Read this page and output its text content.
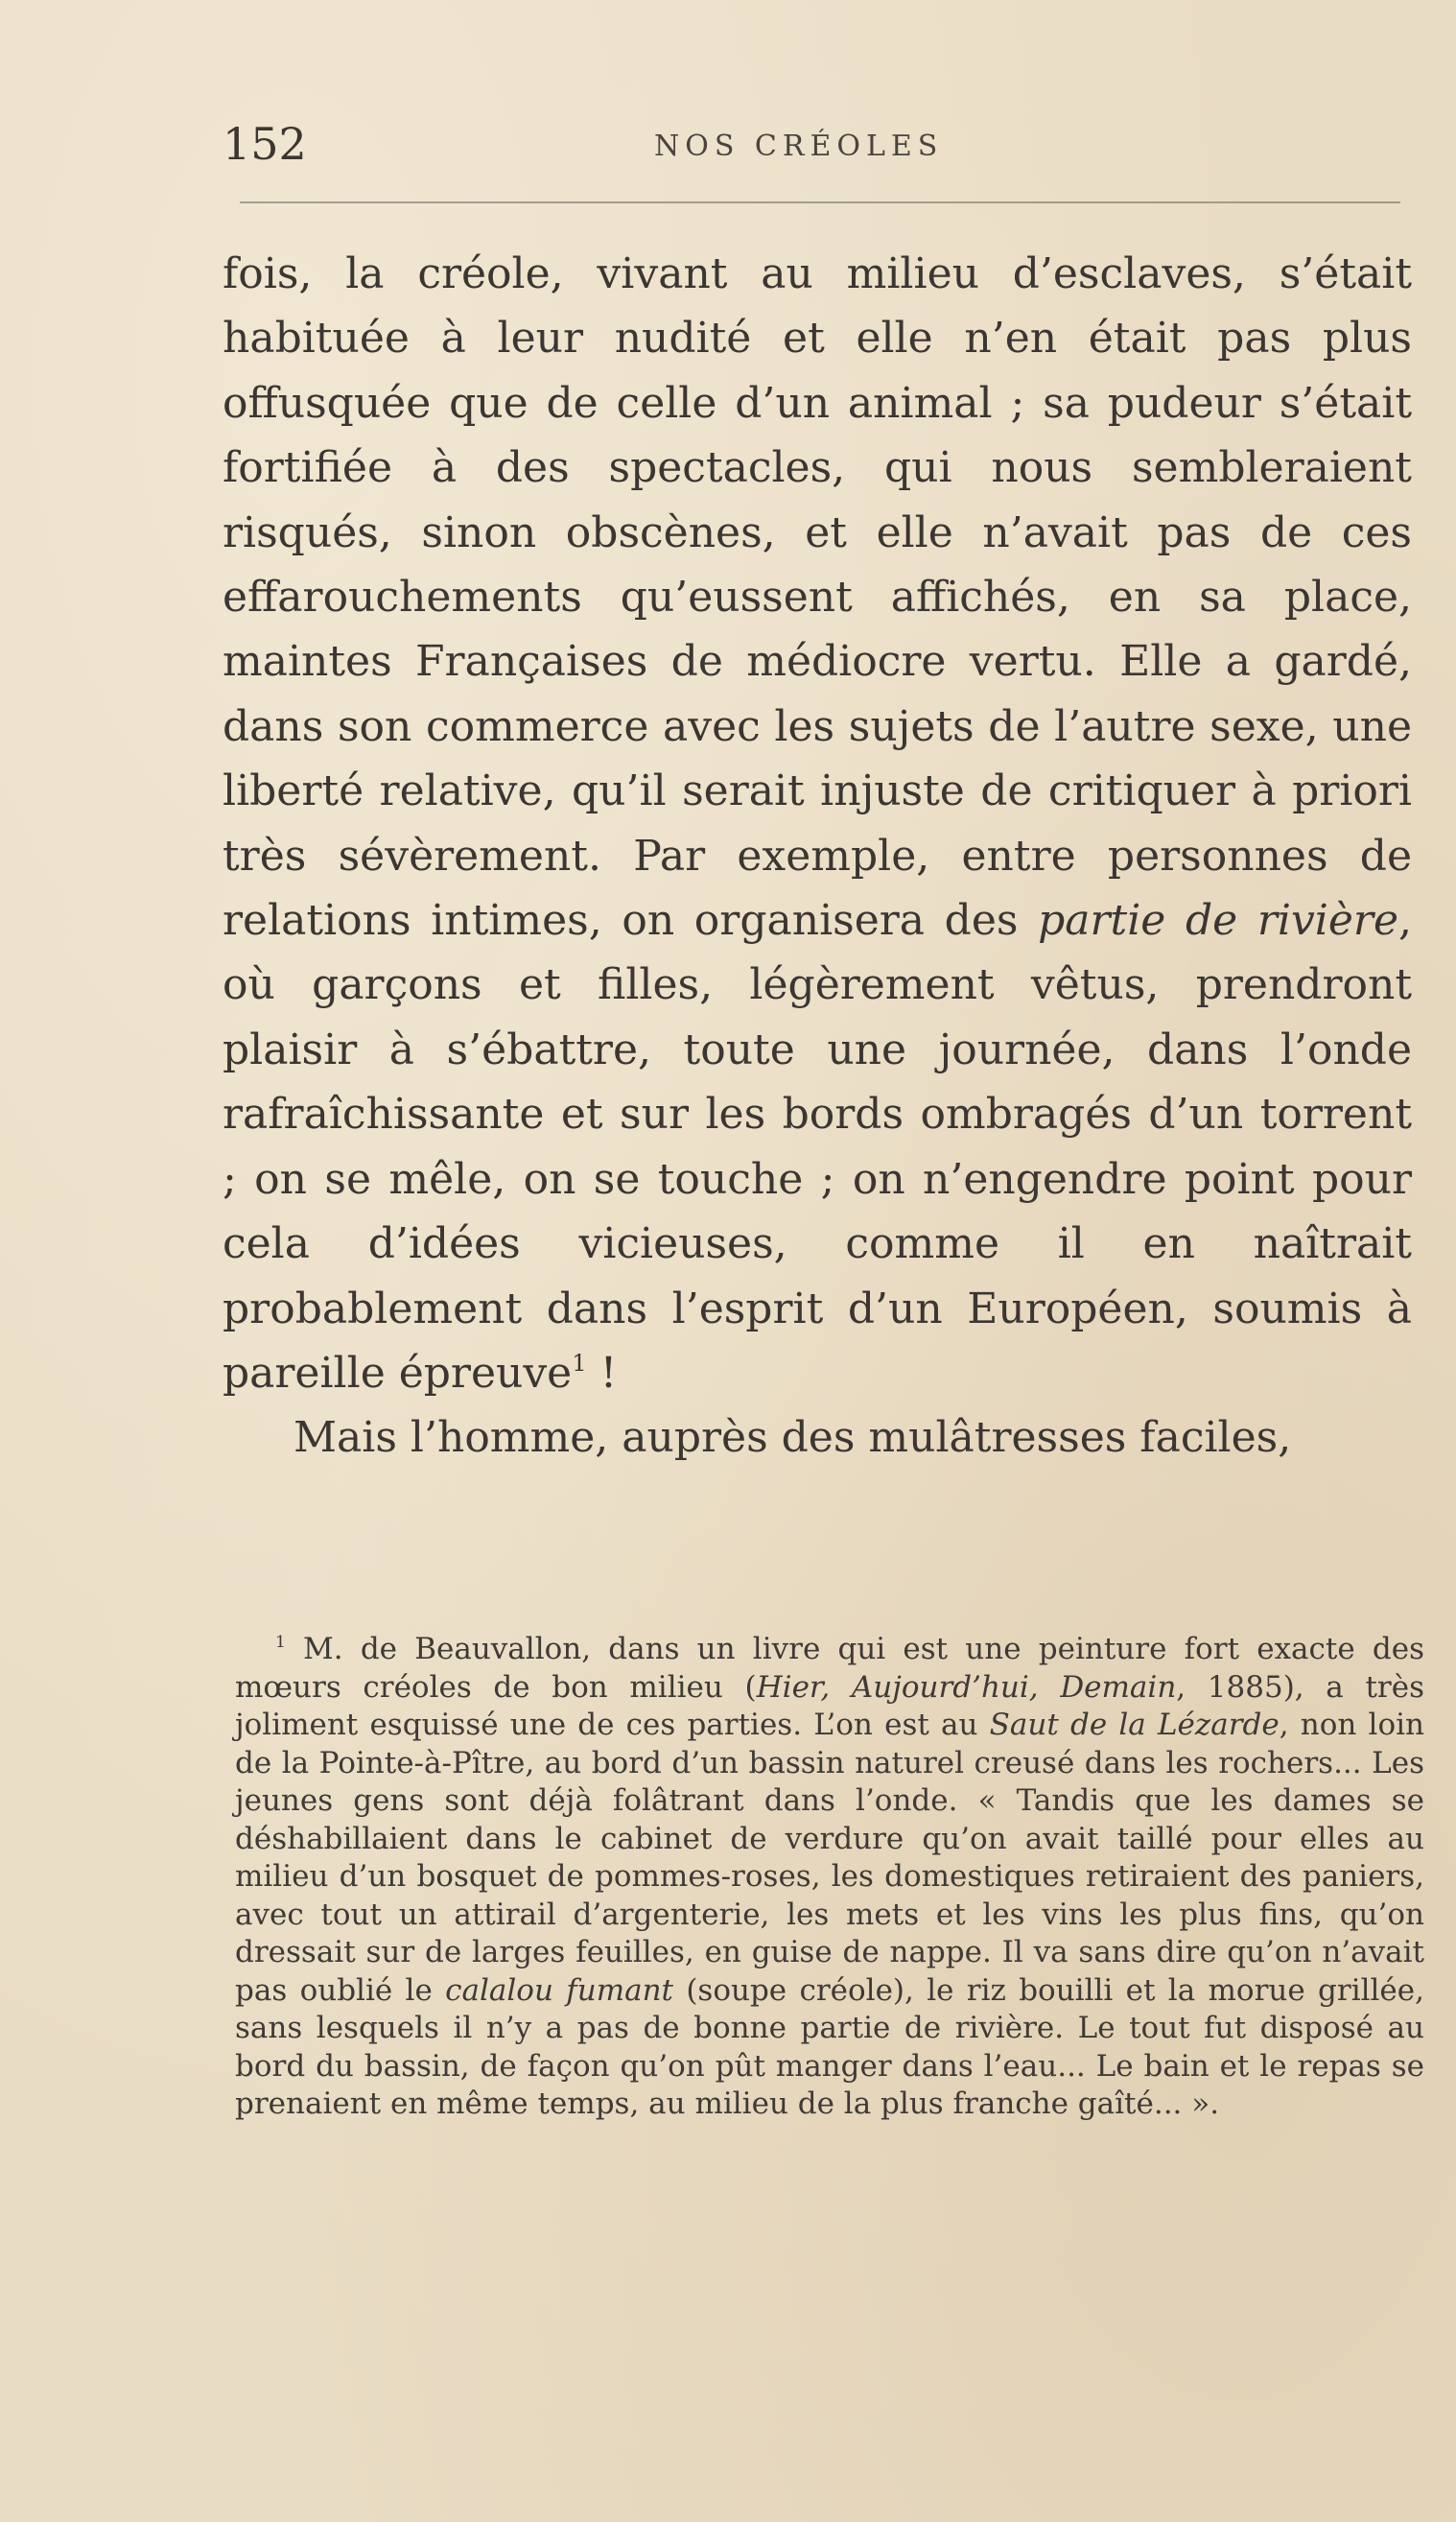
152	NOS CRÉOLES

fois, la créole, vivant au milieu d’esclaves, s’était habituée à leur nudité et elle n’en était pas plus offusquée que de celle d’un animal ; sa pudeur s’était fortifiée à des spectacles, qui nous sembleraient risqués, sinon obscènes, et elle n’avait pas de ces effarouchements qu’eussent affichés, en sa place, maintes Françaises de médiocre vertu. Elle a gardé, dans son commerce avec les sujets de l’autre sexe, une liberté relative, qu’il serait injuste de critiquer à priori très sévèrement. Par exemple, entre personnes de relations intimes, on organisera des partie de rivière, où garçons et filles, légèrement vêtus, prendront plaisir à s’ébattre, toute une journée, dans l’onde rafraîchissante et sur les bords ombragés d’un torrent ; on se mêle, on se touche ; on n’engendre point pour cela d’idées vicieuses, comme il en naîtrait probablement dans l’esprit d’un Européen, soumis à pareille épreuve$^1$ !

Mais l’homme, auprès des mulâtresses faciles,

$^1$ M. de Beauvallon, dans un livre qui est une peinture fort exacte des mœurs créoles de bon milieu (Hier, Aujourd’hui, Demain, 1885), a très joliment esquissé une de ces parties. L’on est au Saut de la Lézarde, non loin de la Pointe-à-Pître, au bord d’un bassin naturel creusé dans les rochers... Les jeunes gens sont déjà folâtrant dans l’onde. « Tandis que les dames se déshabillaient dans le cabinet de verdure qu’on avait taillé pour elles au milieu d’un bosquet de pommes-roses, les domestiques retiraient des paniers, avec tout un attirail d’argenterie, les mets et les vins les plus fins, qu’on dressait sur de larges feuilles, en guise de nappe. Il va sans dire qu’on n’avait pas oublié le calalou fumant (soupe créole), le riz bouilli et la morue grillée, sans lesquels il n’y a pas de bonne partie de rivière. Le tout fut disposé au bord du bassin, de façon qu’on pût manger dans l’eau... Le bain et le repas se prenaient en même temps, au milieu de la plus franche gaîté... ».
